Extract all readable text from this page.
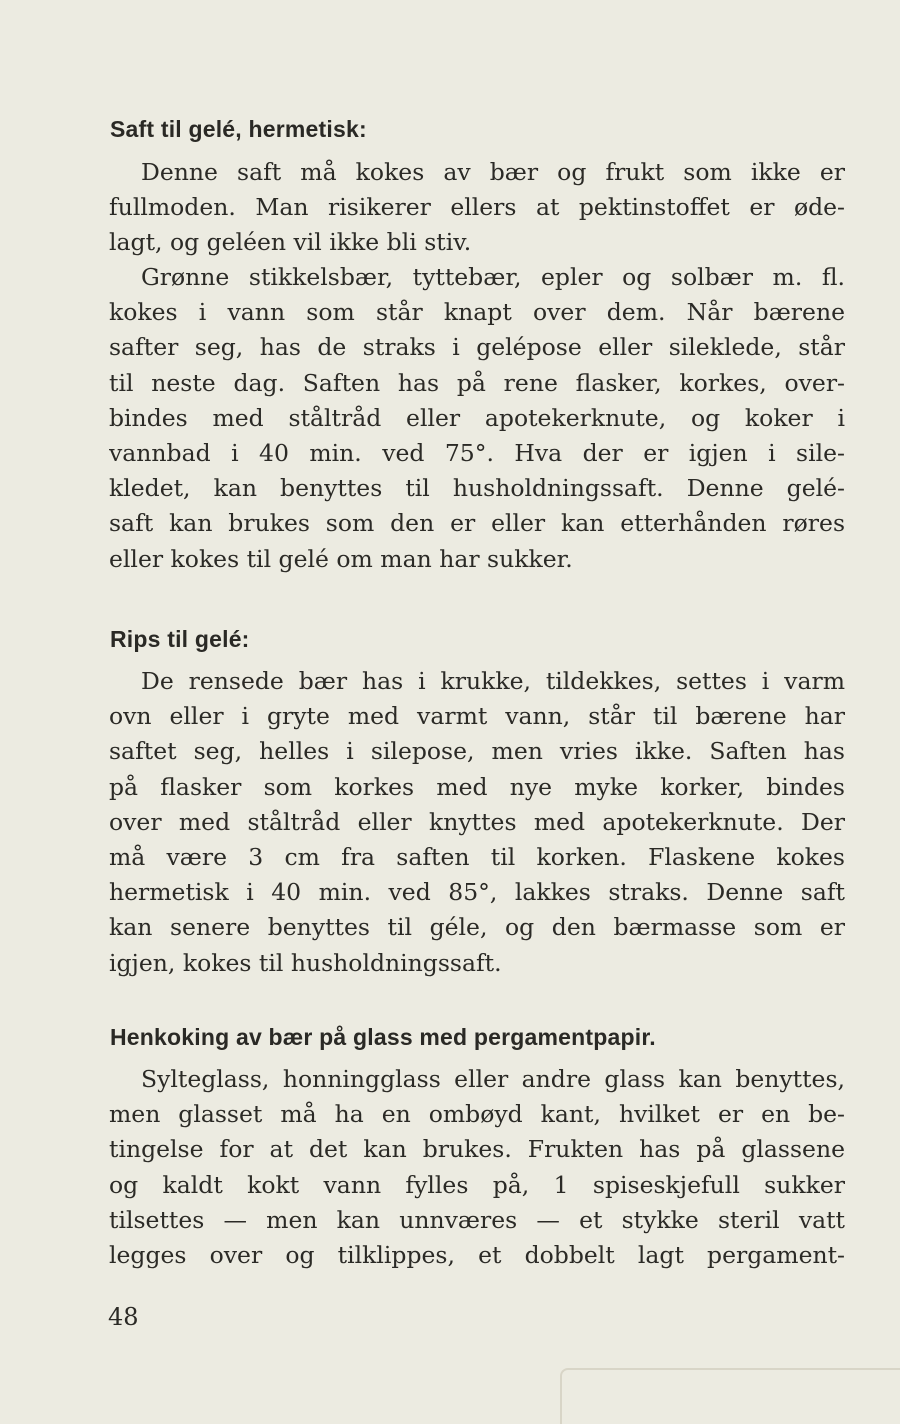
Saft til gelé, hermetisk:
Denne saft må kokes av bær og frukt som ikke er
fullmoden. Man risikerer ellers at pektinstoffet er øde-
lagt, og geléen vil ikke bli stiv.
Grønne stikkelsbær, tyttebær, epler og solbær m. fl.
kokes i vann som står knapt over dem. Når bærene
safter seg, has de straks i gelépose eller sileklede, står
til neste dag. Saften has på rene flasker, korkes, over-
bindes med ståltråd eller apotekerknute, og koker i
vannbad i 40 min. ved 75°. Hva der er igjen i sile-
kledet, kan benyttes til husholdningssaft. Denne gelé-
saft kan brukes som den er eller kan etterhånden røres
eller kokes til gelé om man har sukker.
Rips til gelé:
De rensede bær has i krukke, tildekkes, settes i varm
ovn eller i gryte med varmt vann, står til bærene har
saftet seg, helles i silepose, men vries ikke. Saften has
på flasker som korkes med nye myke korker, bindes
over med ståltråd eller knyttes med apotekerknute. Der
må være 3 cm fra saften til korken. Flaskene kokes
hermetisk i 40 min. ved 85°, lakkes straks. Denne saft
kan senere benyttes til géle, og den bærmasse som er
igjen, kokes til husholdningssaft.
Henkoking av bær på glass med pergamentpapir.
Sylteglass, honningglass eller andre glass kan benyttes,
men glasset må ha en ombøyd kant, hvilket er en be-
tingelse for at det kan brukes. Frukten has på glassene
og kaldt kokt vann fylles på, 1 spiseskjefull sukker
tilsettes — men kan unnværes — et stykke steril vatt
legges over og tilklippes, et dobbelt lagt pergament-
48
